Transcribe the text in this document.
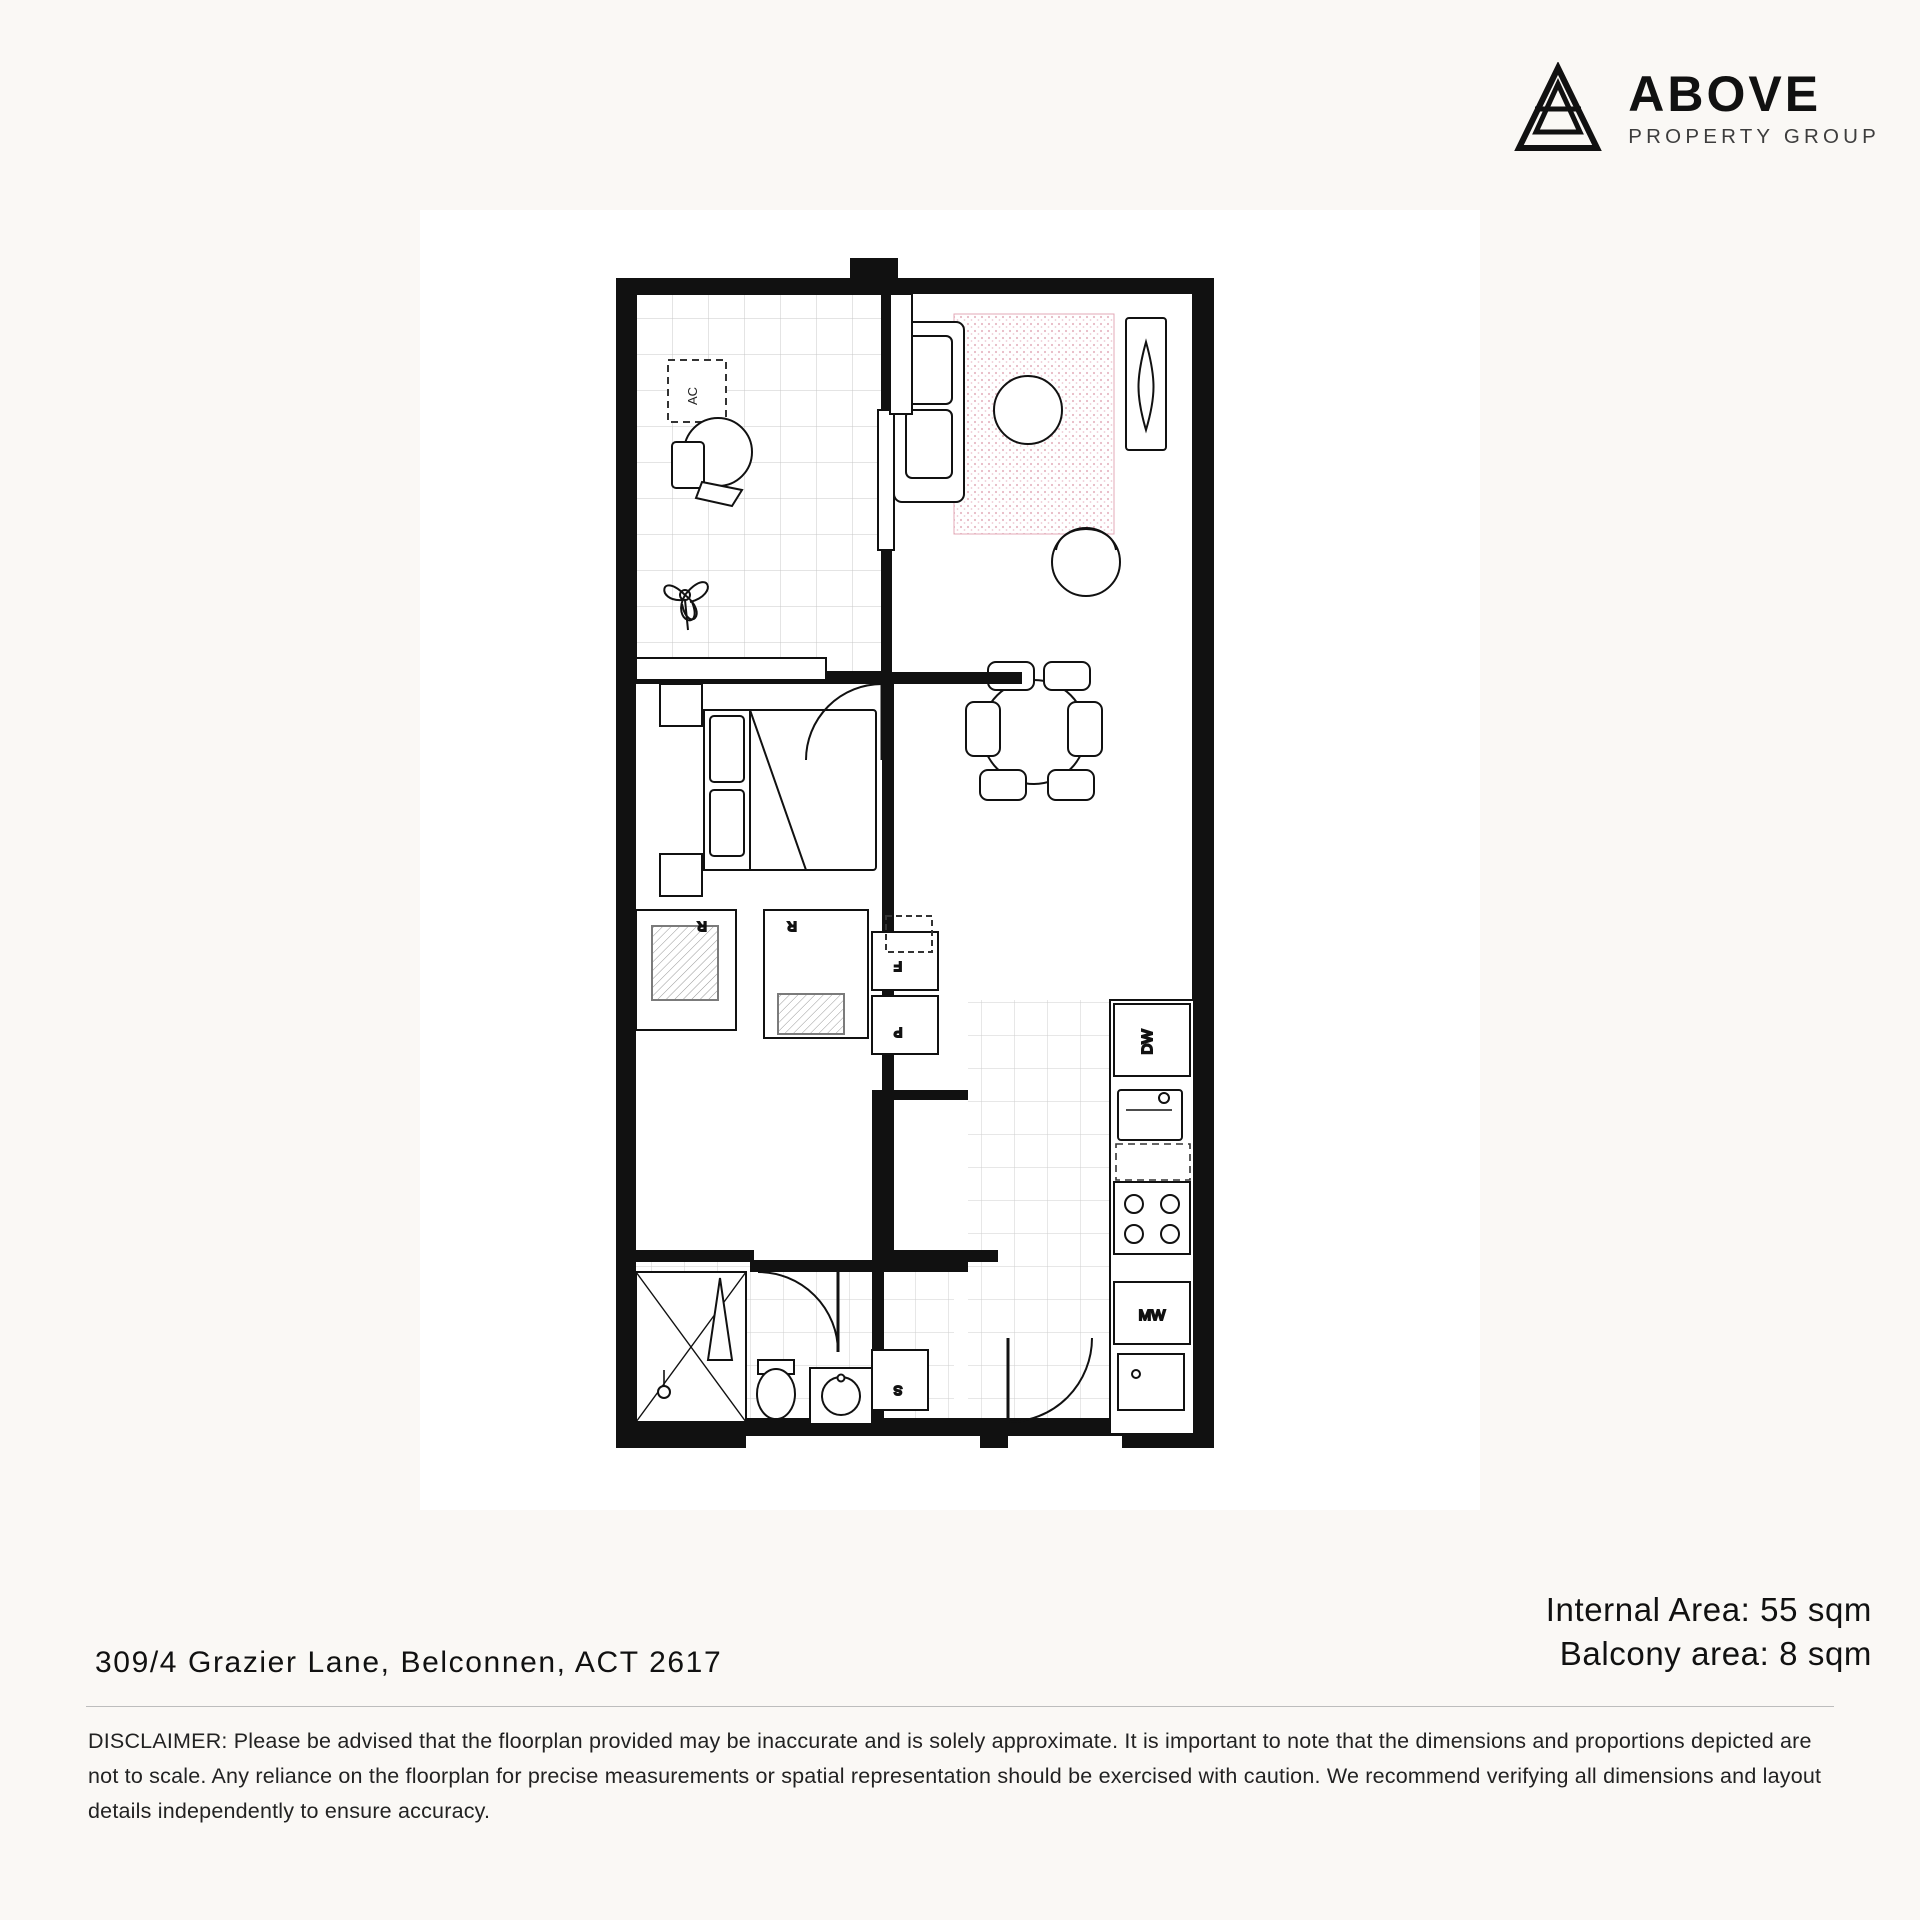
ABOVE
PROPERTY GROUP
AC
R	R
F
P	DW
MW
S
309/4 Grazier Lane, Belconnen, ACT 2617
Internal Area: 55 sqm
Balcony area: 8 sqm
DISCLAIMER: Please be advised that the floorplan provided may be inaccurate and is solely approximate. It is important to note that the dimensions and proportions depicted are not to scale. Any reliance on the floorplan for precise measurements or spatial representation should be exercised with caution. We recommend verifying all dimensions and layout details independently to ensure accuracy.
